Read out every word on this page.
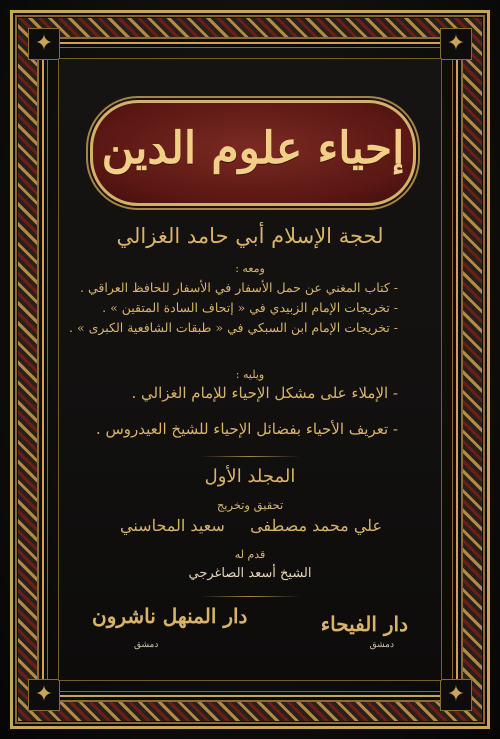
✦	✦
✦	✦
إحياء علوم الدين
لحجة الإسلام أبي حامد الغزالي
ومعه :
- كتاب المغني عن حمل الأسفار في الأسفار للحافظ العراقي .
- تخريجات الإمام الزبيدي في « إتحاف السادة المتقين » .
- تخريجات الإمام ابن السبكي في « طبقات الشافعية الكبرى » .
ويليه :
- الإملاء على مشكل الإحياء للإمام الغزالي .
- تعريف الأحياء بفضائل الإحياء للشيخ العيدروس .
المجلد الأول
تحقيق وتخريج
علي محمد مصطفى
سعيد المحاسني
قدم له
الشيخ أسعد الصاغرجي
دار الفيحاء
دمشق
دار المنهل ناشرون
دمشق
